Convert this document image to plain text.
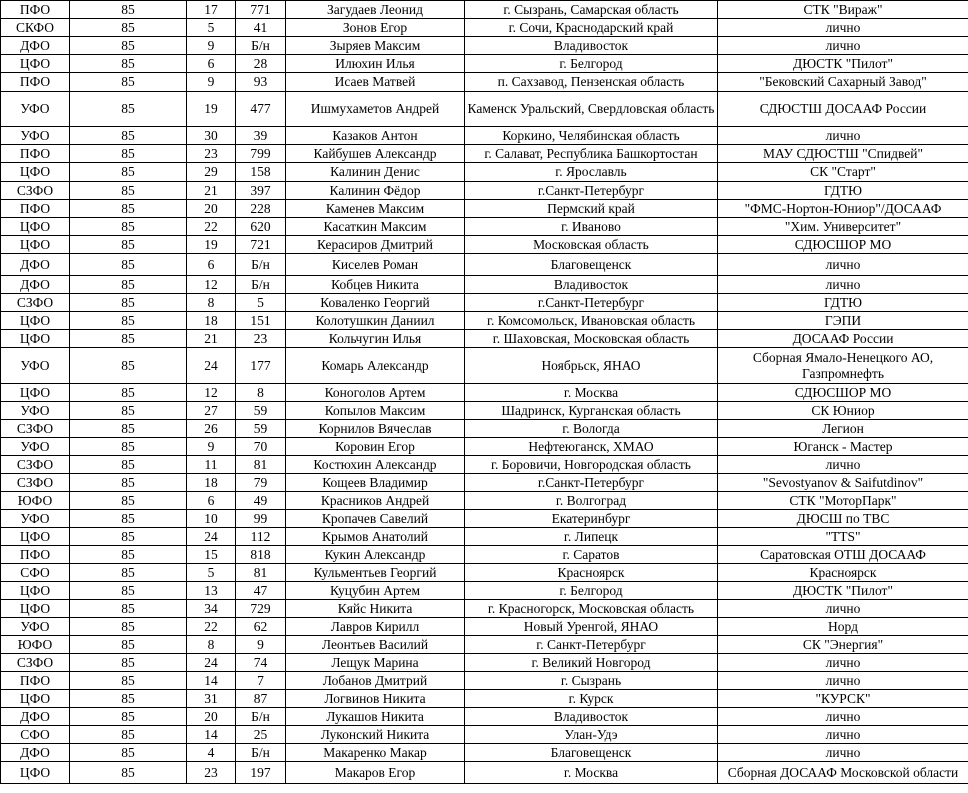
ПФО	85	17	771	Загудаев Леонид	г. Сызрань, Самарская область	СТК "Вираж"
СКФО	85	5	41	Зонов Егор	г. Сочи, Краснодарский край	лично
ДФО	85	9	Б/н	Зыряев Максим	Владивосток	лично
ЦФО	85	6	28	Илюхин Илья	г. Белгород	ДЮСТК "Пилот"
ПФО	85	9	93	Исаев Матвей	п. Сахзавод, Пензенская область	"Бековский Сахарный Завод"
УФО	85	19	477	Ишмухаметов Андрей	Каменск Уральский, Свердловская область	СДЮСТШ ДОСААФ России
УФО	85	30	39	Казаков Антон	Коркино, Челябинская область	лично
ПФО	85	23	799	Кайбушев Александр	г. Салават, Республика Башкортостан	МАУ СДЮСТШ "Спидвей"
ЦФО	85	29	158	Калинин Денис	г. Ярославль	СК "Старт"
СЗФО	85	21	397	Калинин Фёдор	г.Санкт-Петербург	ГДТЮ
ПФО	85	20	228	Каменев Максим	Пермский край	"ФМС-Нортон-Юниор"/ДОСААФ
ЦФО	85	22	620	Касаткин Максим	г. Иваново	"Хим. Университет"
ЦФО	85	19	721	Керасиров Дмитрий	Московская область	СДЮСШОР МО
ДФО	85	6	Б/н	Киселев Роман	Благовещенск	лично
ДФО	85	12	Б/н	Кобцев Никита	Владивосток	лично
СЗФО	85	8	5	Коваленко Георгий	г.Санкт-Петербург	ГДТЮ
ЦФО	85	18	151	Колотушкин Даниил	г. Комсомольск, Ивановская область	ГЭПИ
ЦФО	85	21	23	Кольчугин Илья	г. Шаховская, Московская область	ДОСААФ России
УФО	85	24	177	Комарь Александр	Ноябрьск, ЯНАО	Сборная Ямало-Ненецкого АО, Газпромнефть
ЦФО	85	12	8	Коноголов Артем	г. Москва	СДЮСШОР МО
УФО	85	27	59	Копылов Максим	Шадринск, Курганская область	СК Юниор
СЗФО	85	26	59	Корнилов Вячеслав	г. Вологда	Легион
УФО	85	9	70	Коровин Егор	Нефтеюганск, ХМАО	Юганск - Мастер
СЗФО	85	11	81	Костюхин Александр	г. Боровичи, Новгородская область	лично
СЗФО	85	18	79	Кощеев Владимир	г.Санкт-Петербург	"Sevostyanov & Saifutdinov"
ЮФО	85	6	49	Красников Андрей	г. Волгоград	СТК "МоторПарк"
УФО	85	10	99	Кропачев Савелий	Екатеринбург	ДЮСШ по ТВС
ЦФО	85	24	112	Крымов Анатолий	г. Липецк	"TTS"
ПФО	85	15	818	Кукин Александр	г. Саратов	Саратовская ОТШ ДОСААФ
СФО	85	5	81	Кульментьев Георгий	Красноярск	Красноярск
ЦФО	85	13	47	Куцубин Артем	г. Белгород	ДЮСТК "Пилот"
ЦФО	85	34	729	Кяйс Никита	г. Красногорск, Московская область	лично
УФО	85	22	62	Лавров Кирилл	Новый Уренгой, ЯНАО	Норд
ЮФО	85	8	9	Леонтьев Василий	г. Санкт-Петербург	СК "Энергия"
СЗФО	85	24	74	Лещук Марина	г. Великий Новгород	лично
ПФО	85	14	7	Лобанов Дмитрий	г. Сызрань	лично
ЦФО	85	31	87	Логвинов Никита	г. Курск	"КУРСК"
ДФО	85	20	Б/н	Лукашов Никита	Владивосток	лично
СФО	85	14	25	Луконский Никита	Улан-Удэ	лично
ДФО	85	4	Б/н	Макаренко Макар	Благовещенск	лично
ЦФО	85	23	197	Макаров Егор	г. Москва	Сборная ДОСААФ Московской области
